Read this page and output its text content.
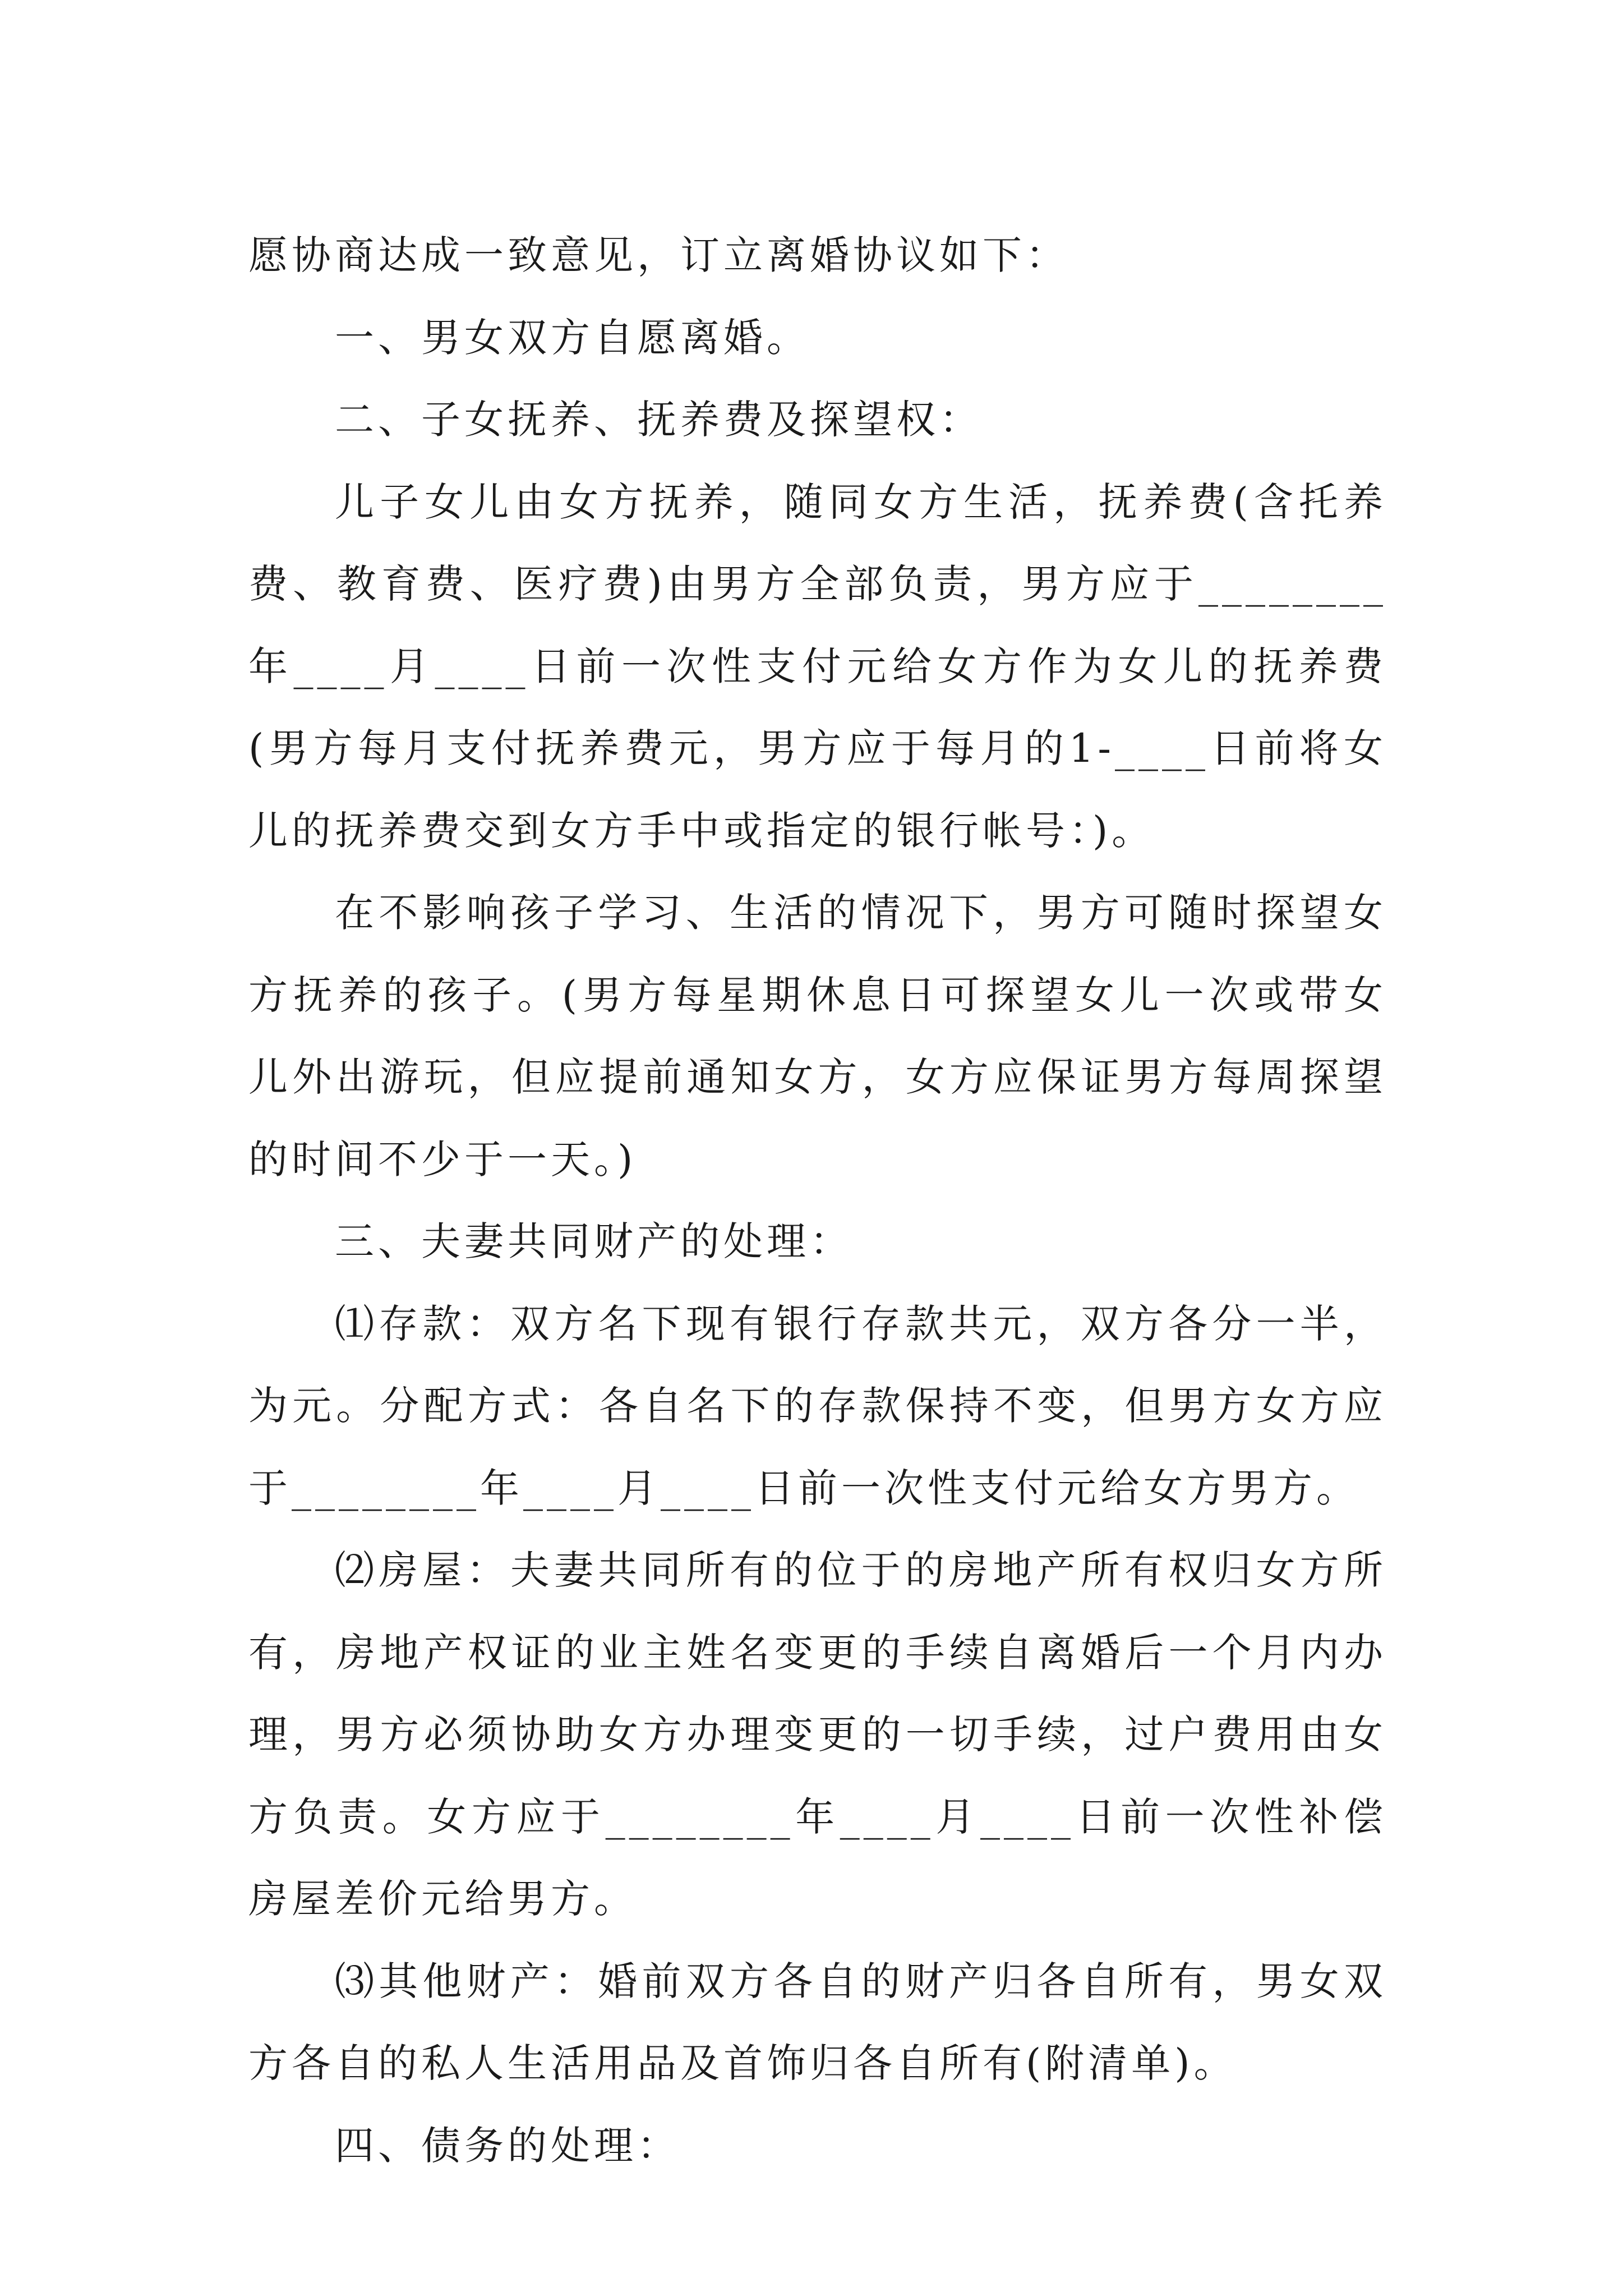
愿协商达成一致意见，订立离婚协议如下：

一、男女双方自愿离婚。

二、子女抚养、抚养费及探望权：

儿子女儿由女方抚养，随同女方生活，抚养费(含托养费、教育费、医疗费)由男方全部负责，男方应于________年____月____日前一次性支付元给女方作为女儿的抚养费(男方每月支付抚养费元，男方应于每月的1-____日前将女儿的抚养费交到女方手中或指定的银行帐号：)。

在不影响孩子学习、生活的情况下，男方可随时探望女方抚养的孩子。(男方每星期休息日可探望女儿一次或带女儿外出游玩，但应提前通知女方，女方应保证男方每周探望的时间不少于一天。)

三、夫妻共同财产的处理：

⑴存款：双方名下现有银行存款共元，双方各分一半，为元。分配方式：各自名下的存款保持不变，但男方女方应于________年____月____日前一次性支付元给女方男方。

⑵房屋：夫妻共同所有的位于的房地产所有权归女方所有，房地产权证的业主姓名变更的手续自离婚后一个月内办理，男方必须协助女方办理变更的一切手续，过户费用由女方负责。女方应于________年____月____日前一次性补偿房屋差价元给男方。

⑶其他财产：婚前双方各自的财产归各自所有，男女双方各自的私人生活用品及首饰归各自所有(附清单)。

四、债务的处理：
